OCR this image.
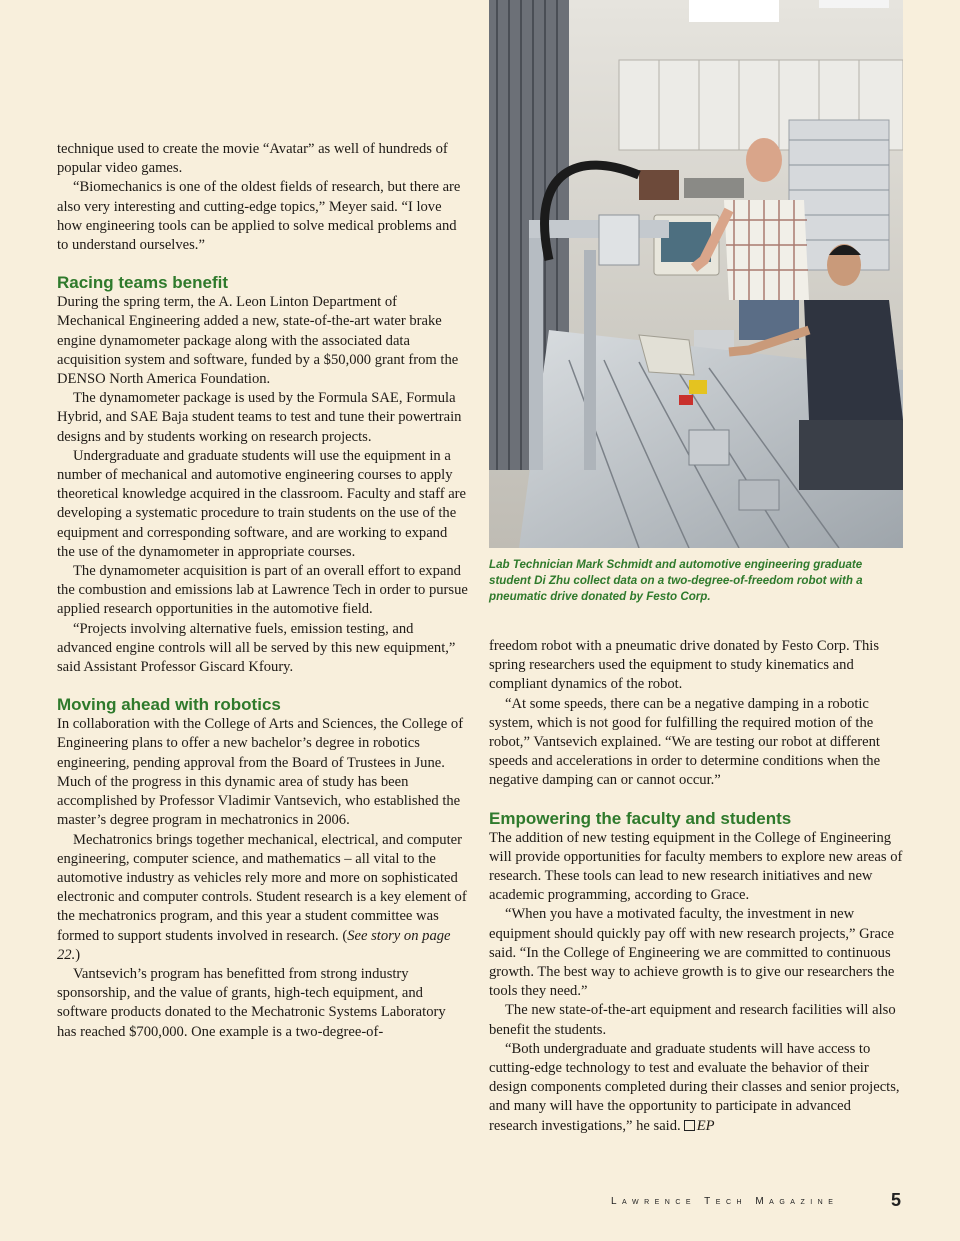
technique used to create the movie “Avatar” as well of hundreds of popular video games.

“Biomechanics is one of the oldest fields of research, but there are also very interesting and cutting-edge topics,” Meyer said. “I love how engineering tools can be applied to solve medical problems and to understand ourselves.”

Racing teams benefit

During the spring term, the A. Leon Linton Department of Mechanical Engineering added a new, state-of-the-art water brake engine dynamometer package along with the associated data acquisition system and software, funded by a $50,000 grant from the DENSO North America Foundation.

The dynamometer package is used by the Formula SAE, Formula Hybrid, and SAE Baja student teams to test and tune their powertrain designs and by students working on research projects.

Undergraduate and graduate students will use the equipment in a number of mechanical and automotive engineering courses to apply theoretical knowledge acquired in the classroom. Faculty and staff are developing a systematic procedure to train students on the use of the equipment and corresponding software, and are working to expand the use of the dynamometer in appropriate courses.

The dynamometer acquisition is part of an overall effort to expand the combustion and emissions lab at Lawrence Tech in order to pursue applied research opportunities in the automotive field.

“Projects involving alternative fuels, emission testing, and advanced engine controls will all be served by this new equipment,” said Assistant Professor Giscard Kfoury.

Moving ahead with robotics

In collaboration with the College of Arts and Sciences, the College of Engineering plans to offer a new bachelor’s degree in robotics engineering, pending approval from the Board of Trustees in June. Much of the progress in this dynamic area of study has been accomplished by Professor Vladimir Vantsevich, who established the master’s degree program in mechatronics in 2006.

Mechatronics brings together mechanical, electrical, and computer engineering, computer science, and mathematics – all vital to the automotive industry as vehicles rely more and more on sophisticated electronic and computer controls. Student research is a key element of the mechatronics program, and this year a student committee was formed to support students involved in research. (See story on page 22.)

Vantsevich’s program has benefitted from strong industry sponsorship, and the value of grants, high-tech equipment, and software products donated to the Mechatronic Systems Laboratory has reached $700,000. One example is a two-degree-of-

Lab Technician Mark Schmidt and automotive engineering graduate student Di Zhu collect data on a two-degree-of-freedom robot with a pneumatic drive donated by Festo Corp.

freedom robot with a pneumatic drive donated by Festo Corp. This spring researchers used the equipment to study kinematics and compliant dynamics of the robot.

“At some speeds, there can be a negative damping in a robotic system, which is not good for fulfilling the required motion of the robot,” Vantsevich explained. “We are testing our robot at different speeds and accelerations in order to determine conditions when the negative damping can or cannot occur.”

Empowering the faculty and students

The addition of new testing equipment in the College of Engineering will provide opportunities for faculty members to explore new areas of research. These tools can lead to new research initiatives and new academic programming, according to Grace.

“When you have a motivated faculty, the investment in new equipment should quickly pay off with new research projects,” Grace said. “In the College of Engineering we are committed to continuous growth. The best way to achieve growth is to give our researchers the tools they need.”

The new state-of-the-art equipment and research facilities will also benefit the students.

“Both undergraduate and graduate students will have access to cutting-edge technology to test and evaluate the behavior of their design components completed during their classes and senior projects, and many will have the opportunity to participate in advanced research investigations,” he said. EP

Lawrence Tech Magazine	5
